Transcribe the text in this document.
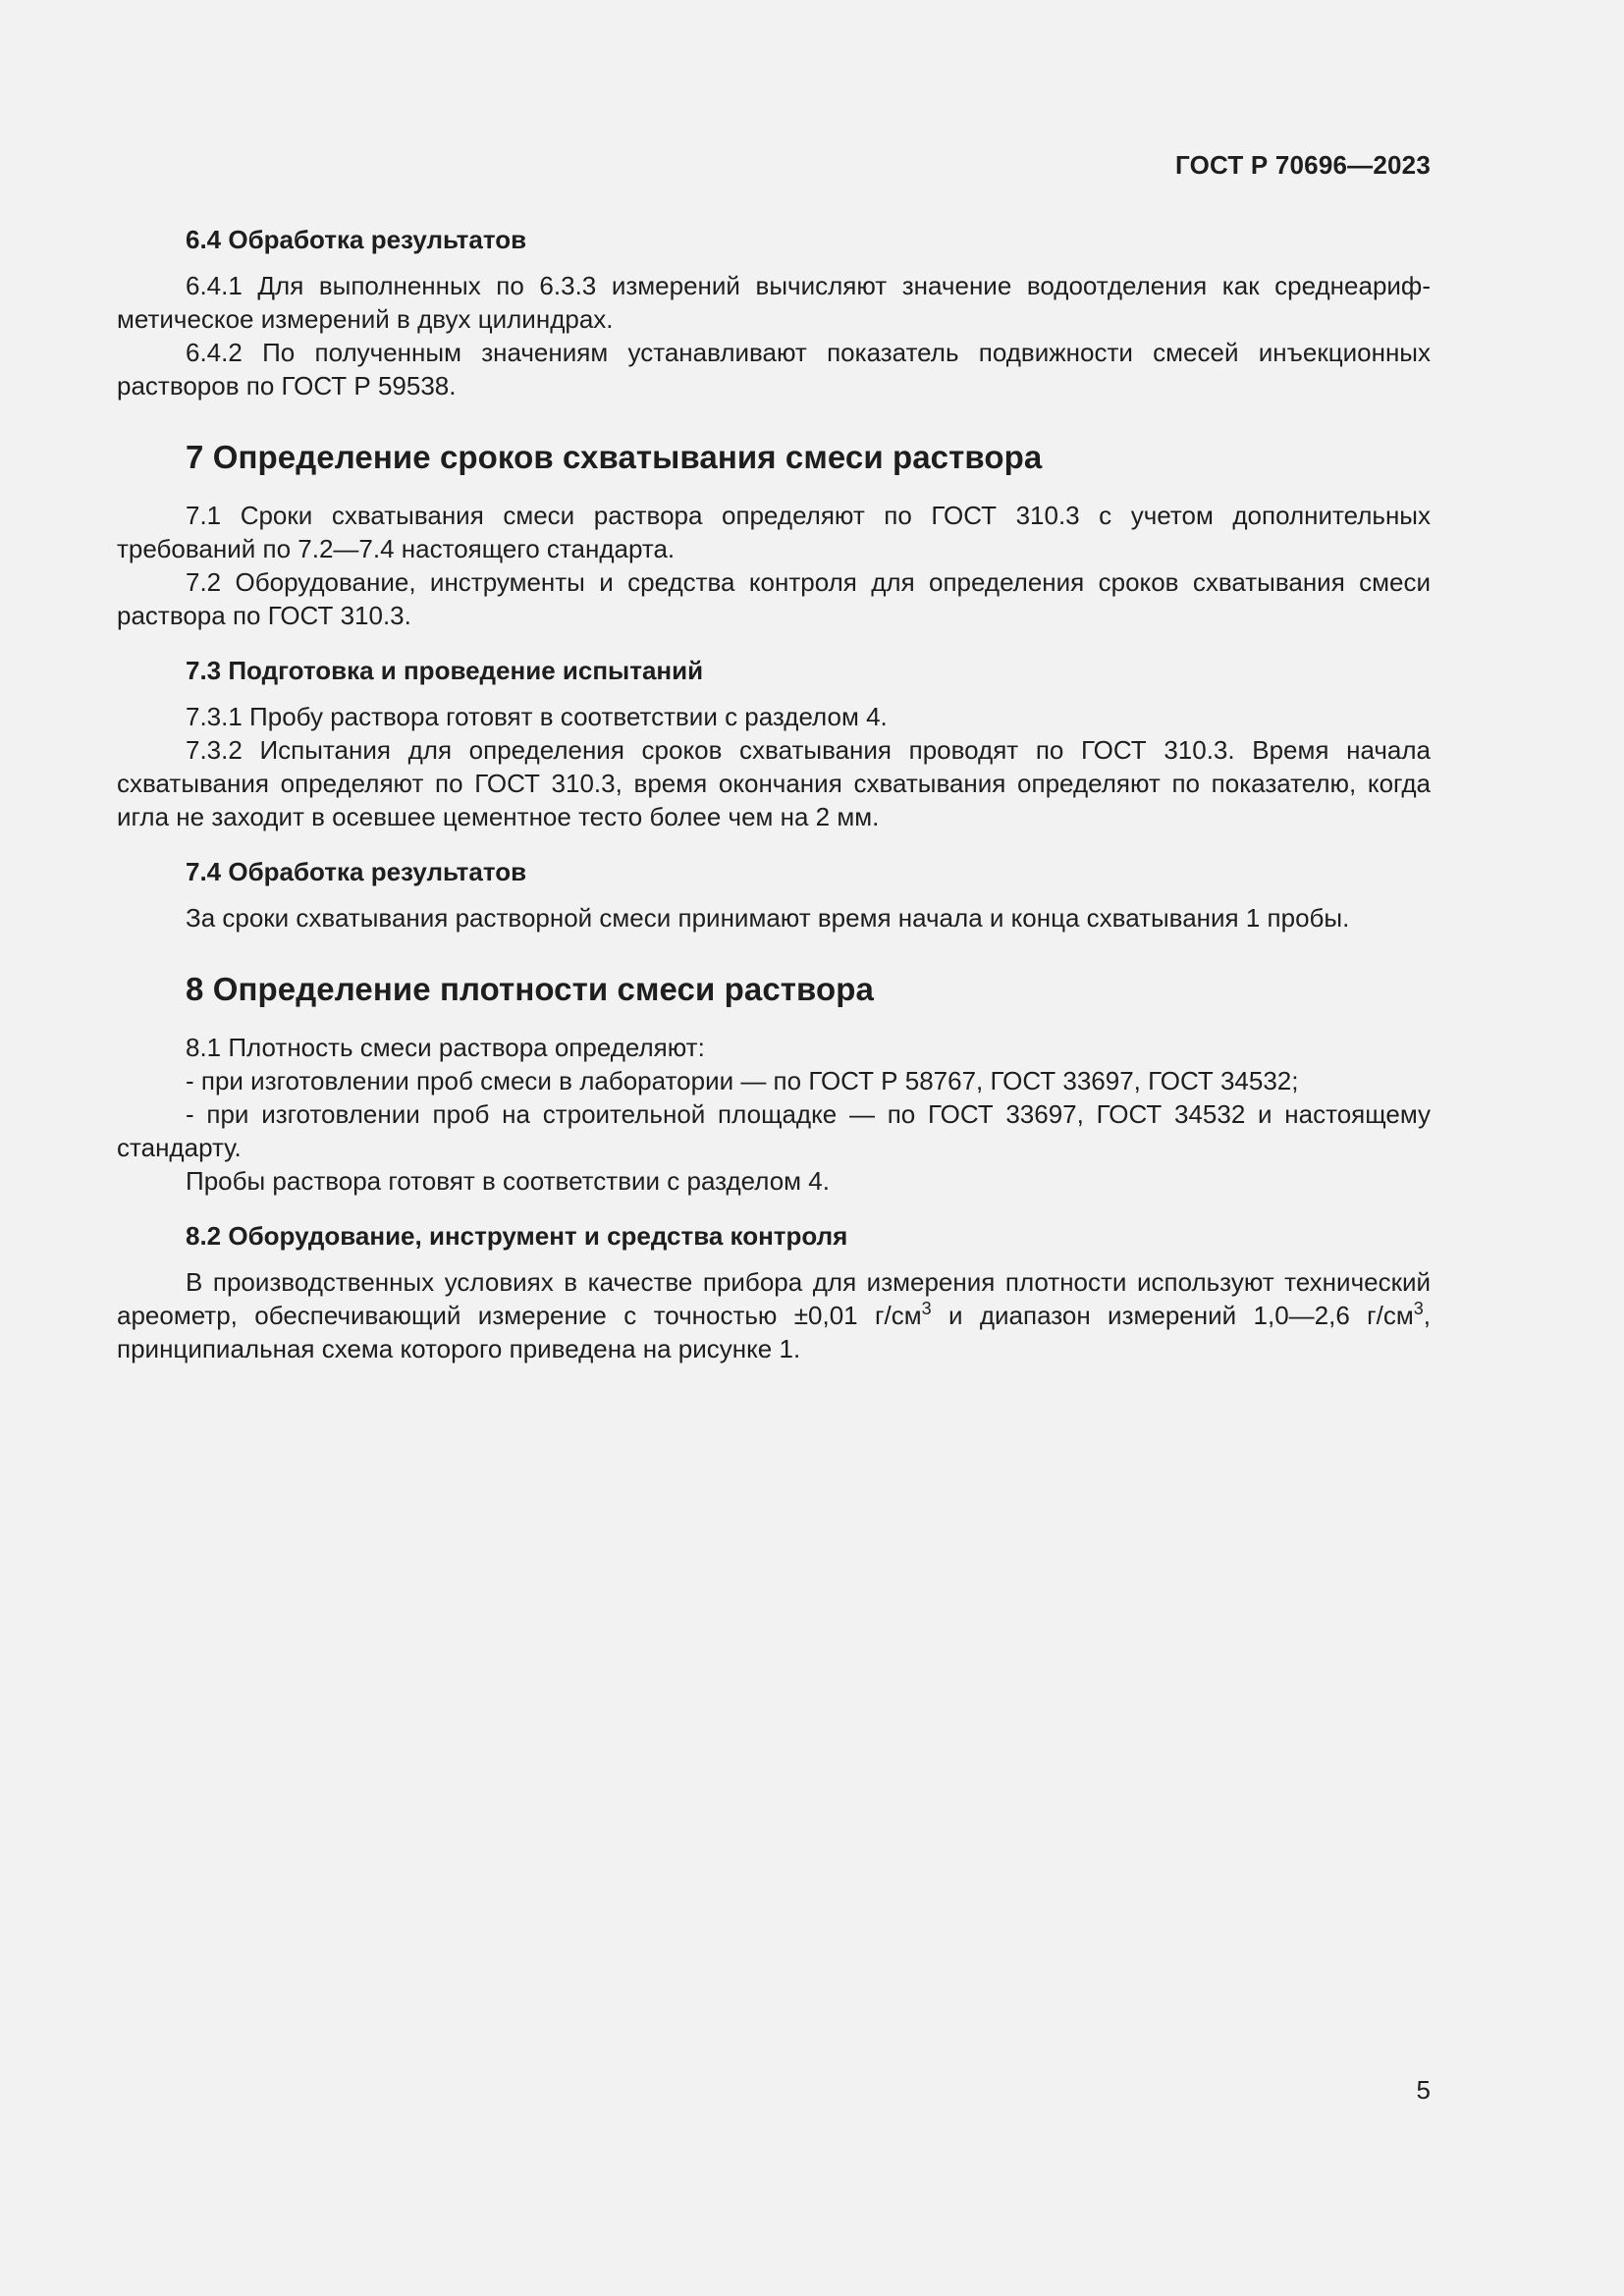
ГОСТ Р 70696—2023

6.4 Обработка результатов

6.4.1 Для выполненных по 6.3.3 измерений вычисляют значение водоотделения как среднеарифметическое измерений в двух цилиндрах.

6.4.2 По полученным значениям устанавливают показатель подвижности смесей инъекционных растворов по ГОСТ Р 59538.

7 Определение сроков схватывания смеси раствора

7.1 Сроки схватывания смеси раствора определяют по ГОСТ 310.3 с учетом дополнительных требований по 7.2—7.4 настоящего стандарта.

7.2 Оборудование, инструменты и средства контроля для определения сроков схватывания смеси раствора по ГОСТ 310.3.

7.3 Подготовка и проведение испытаний

7.3.1 Пробу раствора готовят в соответствии с разделом 4.

7.3.2 Испытания для определения сроков схватывания проводят по ГОСТ 310.3. Время начала схватывания определяют по ГОСТ 310.3, время окончания схватывания определяют по показателю, когда игла не заходит в осевшее цементное тесто более чем на 2 мм.

7.4 Обработка результатов

За сроки схватывания растворной смеси принимают время начала и конца схватывания 1 пробы.

8 Определение плотности смеси раствора

8.1 Плотность смеси раствора определяют:

- при изготовлении проб смеси в лаборатории — по ГОСТ Р 58767, ГОСТ 33697, ГОСТ 34532;

- при изготовлении проб на строительной площадке — по ГОСТ 33697, ГОСТ 34532 и настоящему стандарту.

Пробы раствора готовят в соответствии с разделом 4.

8.2 Оборудование, инструмент и средства контроля

В производственных условиях в качестве прибора для измерения плотности используют технический ареометр, обеспечивающий измерение с точностью ±0,01 $г/см^3$ и диапазон измерений 1,0—2,6 $г/см^3$, принципиальная схема которого приведена на рисунке 1.

5
